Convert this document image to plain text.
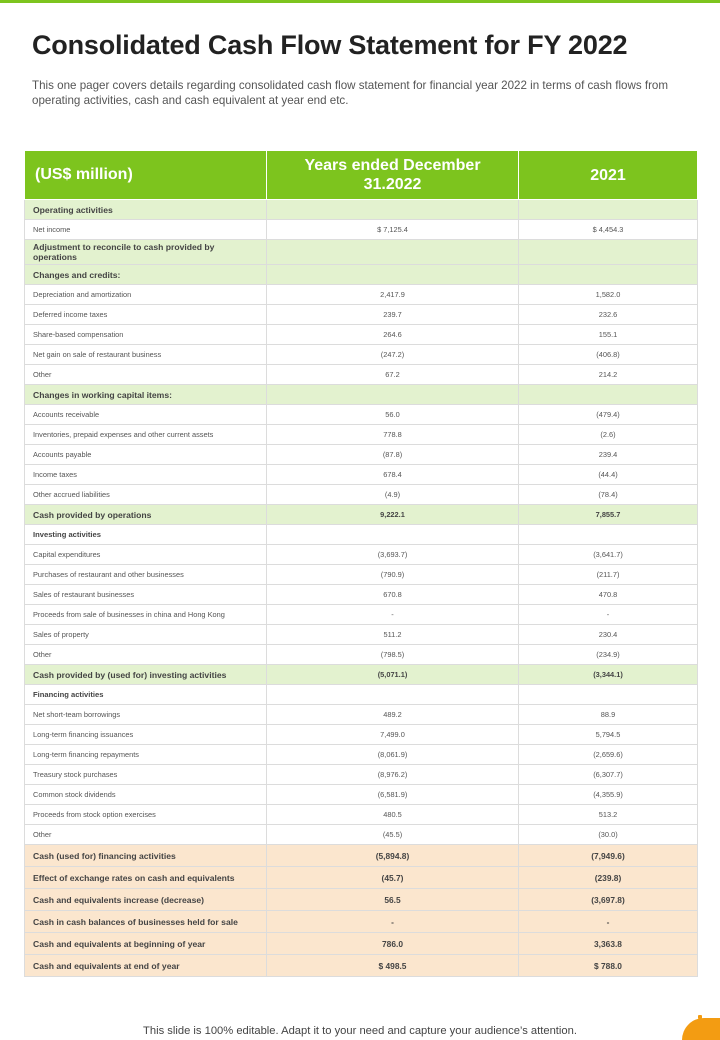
Consolidated Cash Flow Statement for FY 2022

This one pager covers details regarding consolidated cash flow statement for financial year 2022 in terms of cash flows from operating activities, cash and cash equivalent at year end etc.

(US$ million)	Years ended December 31.2022	2021
Operating activities		
Net income	$ 7,125.4	$ 4,454.3
Adjustment to reconcile to cash provided by operations		
Changes and credits:		
Depreciation and amortization	2,417.9	1,582.0
Deferred income taxes	239.7	232.6
Share-based compensation	264.6	155.1
Net gain on sale of restaurant business	(247.2)	(406.8)
Other	67.2	214.2
Changes in working capital items:		
Accounts receivable	56.0	(479.4)
Inventories, prepaid expenses and other current assets	778.8	(2.6)
Accounts payable	(87.8)	239.4
Income taxes	678.4	(44.4)
Other accrued liabilities	(4.9)	(78.4)
Cash provided by operations	9,222.1	7,855.7
Investing activities		
Capital expenditures	(3,693.7)	(3,641.7)
Purchases of restaurant and other businesses	(790.9)	(211.7)
Sales of restaurant businesses	670.8	470.8
Proceeds from sale of businesses in china and Hong Kong	-	-
Sales of property	511.2	230.4
Other	(798.5)	(234.9)
Cash provided by (used for) investing activities	(5,071.1)	(3,344.1)
Financing activities		
Net short-team borrowings	489.2	88.9
Long-term financing issuances	7,499.0	5,794.5
Long-term financing repayments	(8,061.9)	(2,659.6)
Treasury stock purchases	(8,976.2)	(6,307.7)
Common stock dividends	(6,581.9)	(4,355.9)
Proceeds from stock option exercises	480.5	513.2
Other	(45.5)	(30.0)
Cash (used for) financing activities	(5,894.8)	(7,949.6)
Effect of exchange rates on cash and equivalents	(45.7)	(239.8)
Cash and equivalents increase (decrease)	56.5	(3,697.8)
Cash in cash balances of businesses held for sale	-	-
Cash and equivalents at beginning of year	786.0	3,363.8
Cash and equivalents at end of year	$ 498.5	$ 788.0
This slide is 100% editable. Adapt it to your need and capture your audience’s attention.
